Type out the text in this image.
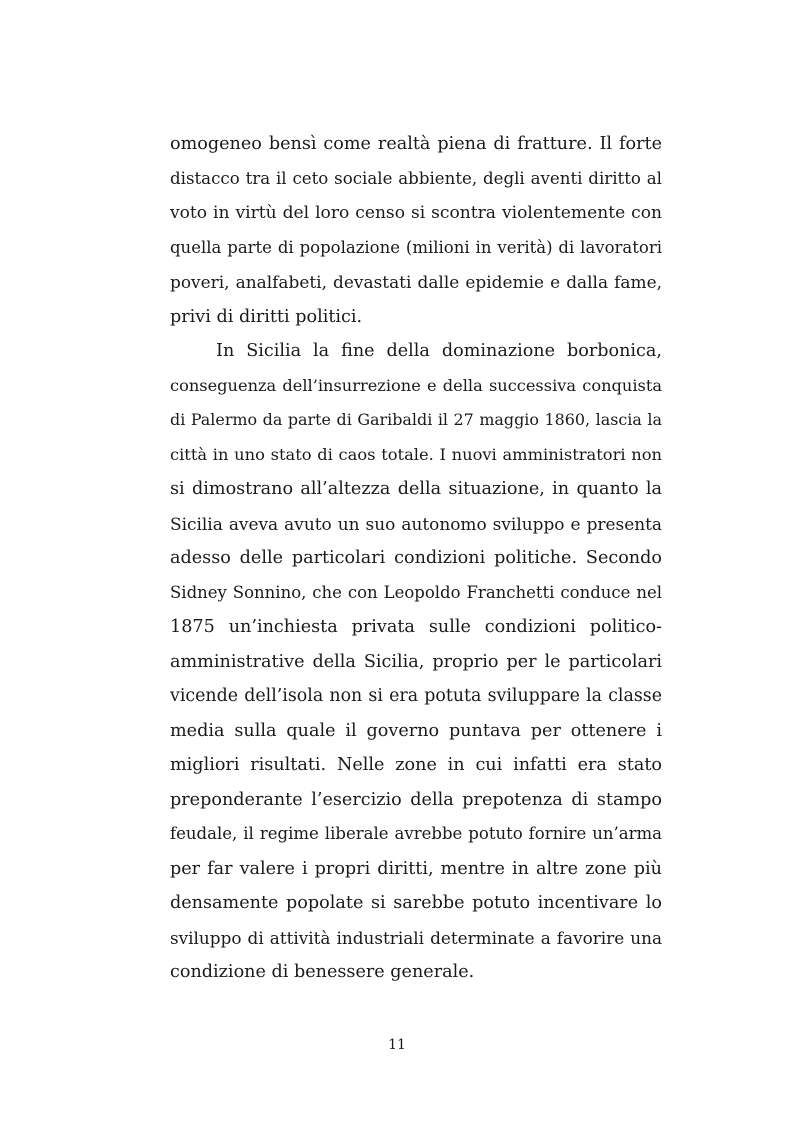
omogeneo bensì come realtà piena di fratture. Il forte
distacco tra il ceto sociale abbiente, degli aventi diritto al
voto in virtù del loro censo si scontra violentemente con
quella parte di popolazione (milioni in verità) di lavoratori
poveri, analfabeti, devastati dalle epidemie e dalla fame,
privi di diritti politici.
In Sicilia la fine della dominazione borbonica,
conseguenza dell’insurrezione e della successiva conquista
di Palermo da parte di Garibaldi il 27 maggio 1860, lascia la
città in uno stato di caos totale. I nuovi amministratori non
si dimostrano all’altezza della situazione, in quanto la
Sicilia aveva avuto un suo autonomo sviluppo e presenta
adesso delle particolari condizioni politiche. Secondo
Sidney Sonnino, che con Leopoldo Franchetti conduce nel
1875 un’inchiesta privata sulle condizioni politico-
amministrative della Sicilia, proprio per le particolari
vicende dell’isola non si era potuta sviluppare la classe
media sulla quale il governo puntava per ottenere i
migliori risultati. Nelle zone in cui infatti era stato
preponderante l’esercizio della prepotenza di stampo
feudale, il regime liberale avrebbe potuto fornire un’arma
per far valere i propri diritti, mentre in altre zone più
densamente popolate si sarebbe potuto incentivare lo
sviluppo di attività industriali determinate a favorire una
condizione di benessere generale.
11
